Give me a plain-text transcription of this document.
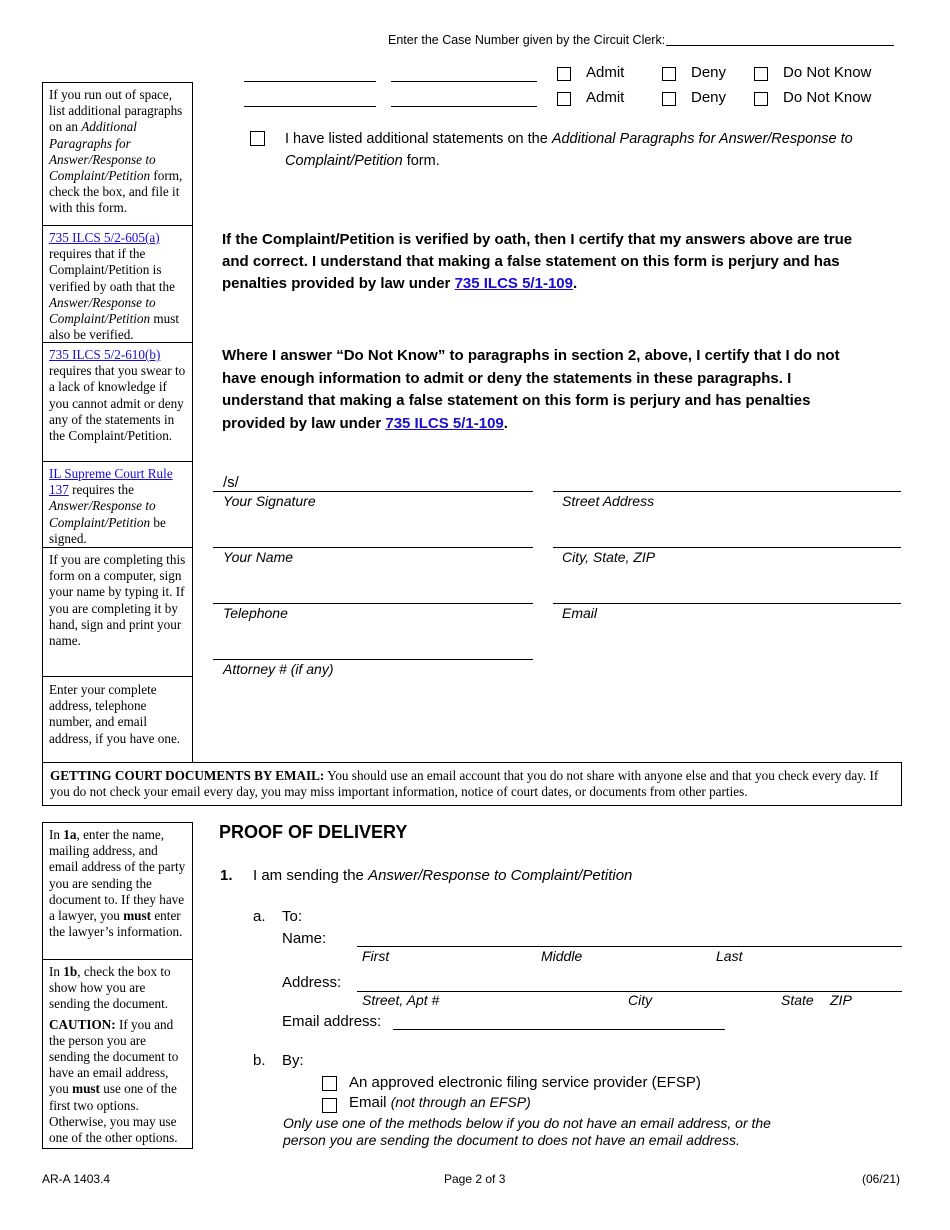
Enter the Case Number given by the Circuit Clerk:
Admit	Deny	Do Not Know
Admit	Deny	Do Not Know
I have listed additional statements on the Additional Paragraphs for Answer/Response to Complaint/Petition form.
If you run out of space, list additional paragraphs on an Additional Paragraphs for Answer/Response to Complaint/Petition form, check the box, and file it with this form.
735 ILCS 5/2-605(a) requires that if the Complaint/Petition is verified by oath that the Answer/Response to Complaint/Petition must also be verified.
735 ILCS 5/2-610(b) requires that you swear to a lack of knowledge if you cannot admit or deny any of the statements in the Complaint/Petition.
IL Supreme Court Rule 137 requires the Answer/Response to Complaint/Petition be signed.
If you are completing this form on a computer, sign your name by typing it. If you are completing it by hand, sign and print your name.
Enter your complete address, telephone number, and email address, if you have one.
If the Complaint/Petition is verified by oath, then I certify that my answers above are true and correct. I understand that making a false statement on this form is perjury and has penalties provided by law under 735 ILCS 5/1-109.
Where I answer “Do Not Know” to paragraphs in section 2, above, I certify that I do not have enough information to admit or deny the statements in these paragraphs. I understand that making a false statement on this form is perjury and has penalties provided by law under 735 ILCS 5/1-109.
/s/
Your Signature	Street Address
Your Name	City, State, ZIP
Telephone	Email
Attorney # (if any)
GETTING COURT DOCUMENTS BY EMAIL: You should use an email account that you do not share with anyone else and that you check every day. If you do not check your email every day, you may miss important information, notice of court dates, or documents from other parties.
In 1a, enter the name, mailing address, and email address of the party you are sending the document to. If they have a lawyer, you must enter the lawyer’s information.
In 1b, check the box to show how you are sending the document.
CAUTION: If you and the person you are sending the document to have an email address, you must use one of the first two options. Otherwise, you may use one of the other options.
PROOF OF DELIVERY
1. I am sending the Answer/Response to Complaint/Petition
a. To:
Name:
First	Middle	Last
Address:
Street, Apt #	City	State ZIP
Email address:
b. By:
An approved electronic filing service provider (EFSP)
Email (not through an EFSP)
Only use one of the methods below if you do not have an email address, or the person you are sending the document to does not have an email address.
AR-A 1403.4	Page 2 of 3	(06/21)
